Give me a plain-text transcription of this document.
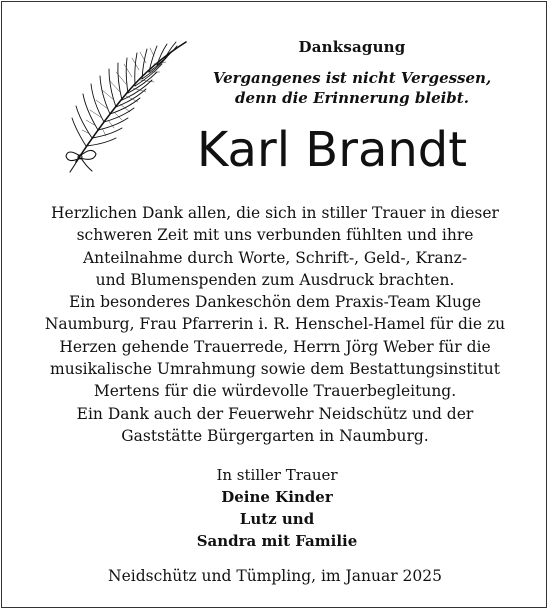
Danksagung
Vergangenes ist nicht Vergessen,
denn die Erinnerung bleibt.
Karl Brandt

Herzlichen Dank allen, die sich in stiller Trauer in dieser
schweren Zeit mit uns verbunden fühlten und ihre
Anteilnahme durch Worte, Schrift-, Geld-, Kranz-
und Blumenspenden zum Ausdruck brachten.

Ein besonderes Dankeschön dem Praxis-Team Kluge
Naumburg, Frau Pfarrerin i. R. Henschel-Hamel für die zu
Herzen gehende Trauerrede, Herrn Jörg Weber für die
musikalische Umrahmung sowie dem Bestattungsinstitut
Mertens für die würdevolle Trauerbegleitung.

Ein Dank auch der Feuerwehr Neidschütz und der
Gaststätte Bürgergarten in Naumburg.

In stiller Trauer
Deine Kinder
Lutz und
Sandra mit Familie
Neidschütz und Tümpling, im Januar 2025
